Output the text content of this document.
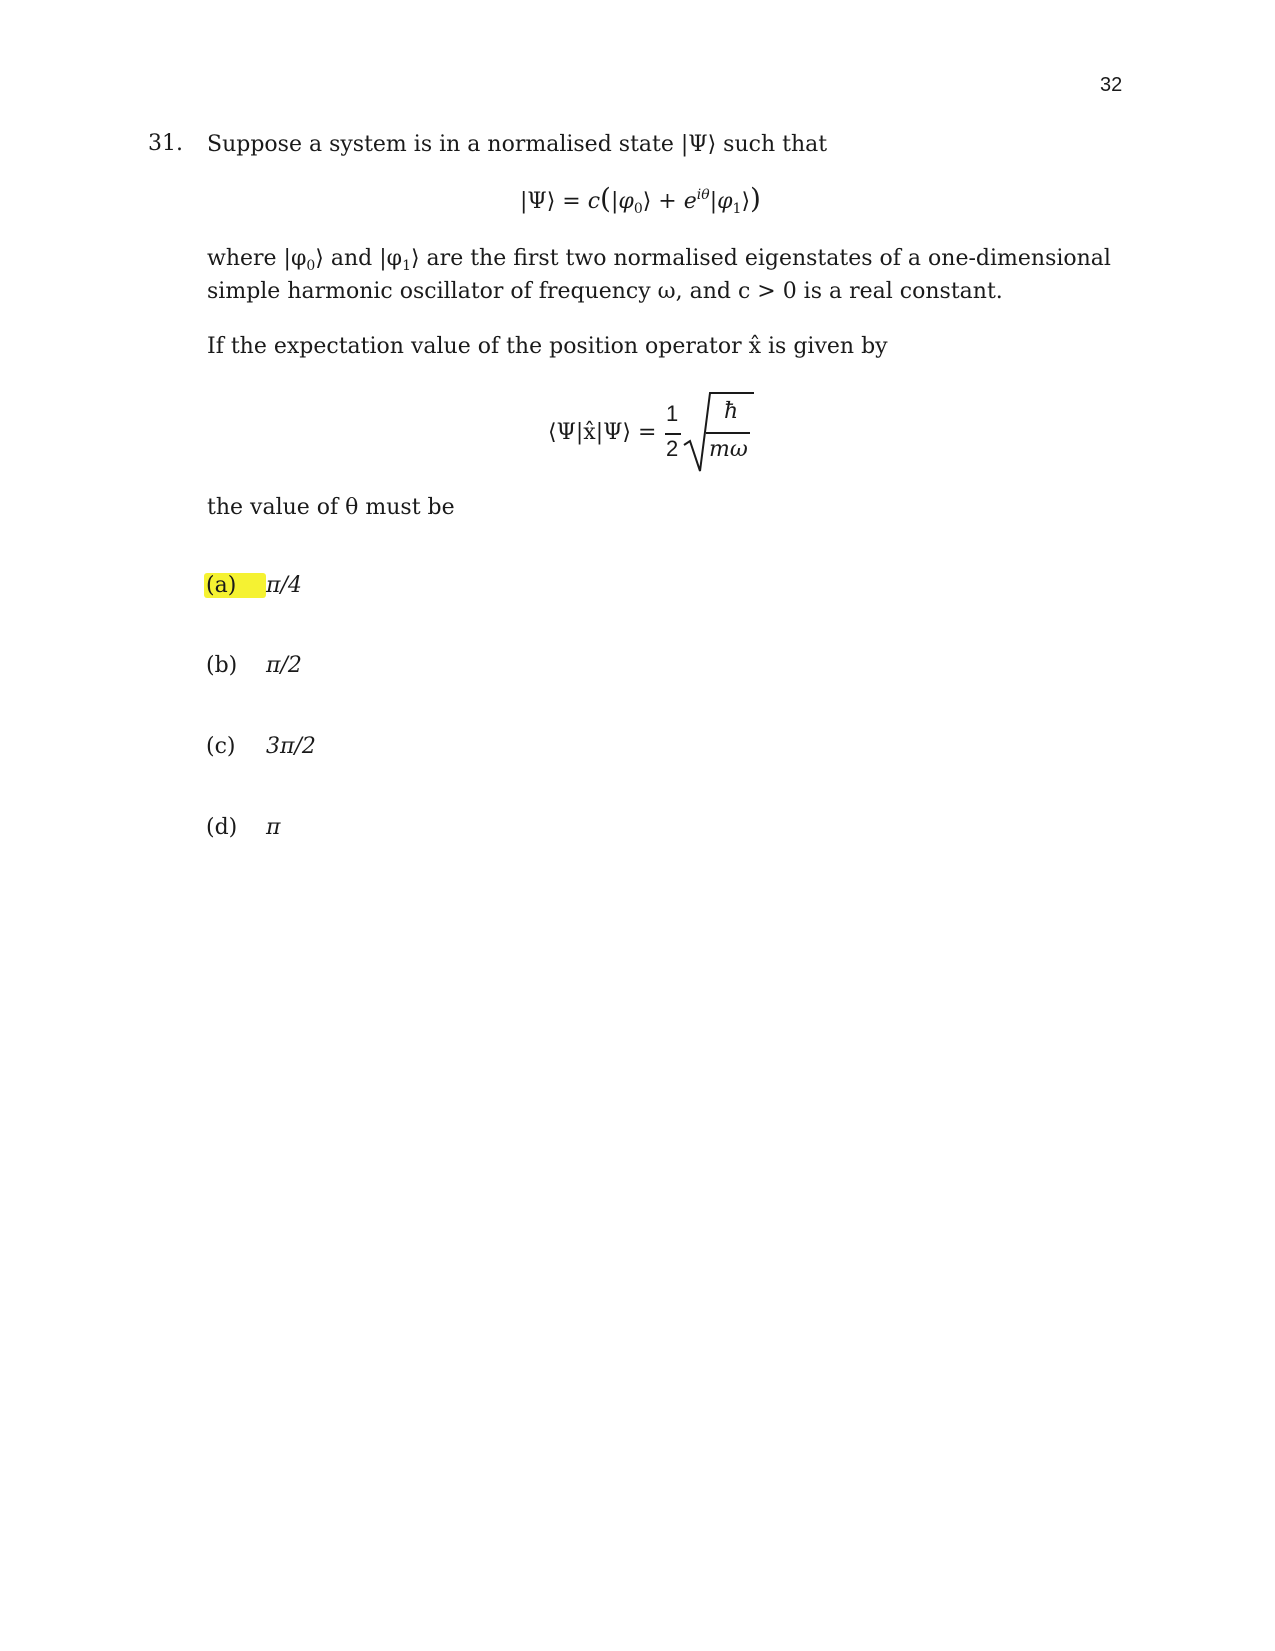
32
31. Suppose a system is in a normalised state |Ψ⟩ such that
|Ψ⟩ = $c(|\varphi_0⟩$ + $e^{i\theta}|\varphi_1⟩$)
where $|\varphi_0⟩$ and $|\varphi_1⟩$ are the first two normalised eigenstates of a one-dimensional
simple harmonic oscillator of frequency ω, and c > 0 is a real constant.
If the expectation value of the position operator x̂ is given by
⟨Ψ|x̂|Ψ⟩ =
1
2
ħ
mω
the value of θ must be
(a) π/4
(b) π/2
(c) 3π/2
(d) π
